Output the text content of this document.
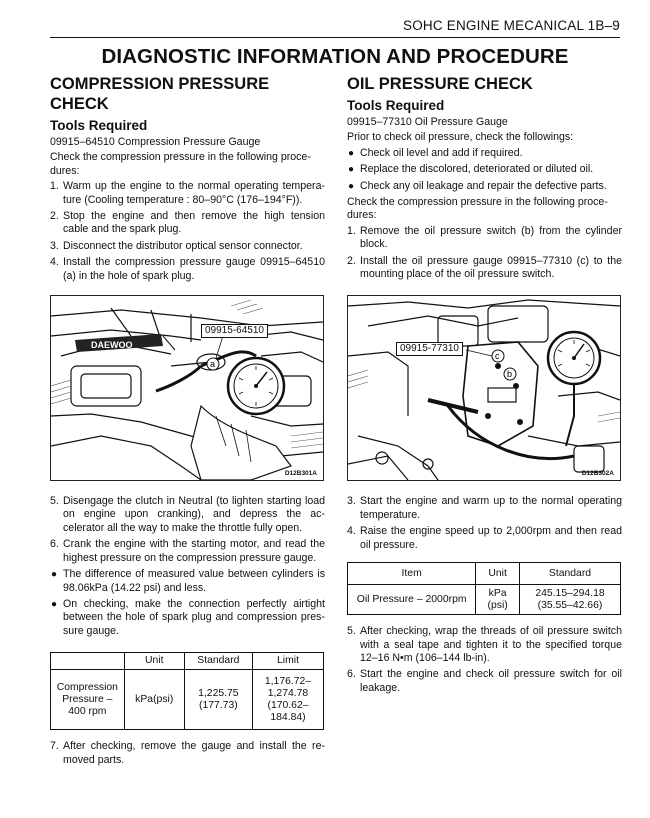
SOHC ENGINE MECANICAL 1B–9
DIAGNOSTIC INFORMATION AND PROCEDURE
COMPRESSION PRESSURE CHECK
Tools Required

09915–64510 Compression Pressure Gauge

Check the compression pressure in the following proce- dures:

1. Warm up the engine to the normal operating tempera- ture (Cooling temperature : 80–90°C (176–194°F)).
2. Stop the engine and then remove the high tension cable and the spark plug.
3. Disconnect the distributor optical sensor connector.
4. Install the compression pressure gauge 09915–64510 (a) in the hole of spark plug.
DAEWOO
a
09915-64510
D12B301A
5. Disengage the clutch in Neutral (to lighten starting load on engine upon cranking), and depress the ac- celerator all the way to make the throttle fully open.
6. Crank the engine with the starting motor, and read the highest pressure on the compression pressure gauge.
● The difference of measured value between cylinders is 98.06kPa (14.22 psi) and less.
● On checking, make the connection perfectly airtight between the hole of spark plug and compression pres- sure gauge.
	Unit	Standard	Limit
Compression Pressure – 400 rpm	kPa(psi)	1,225.75 (177.73)	1,176.72– 1,274.78 (170.62– 184.84)
7. After checking, remove the gauge and install the re- moved parts.
OIL PRESSURE CHECK
Tools Required

09915–77310 Oil Pressure Gauge

Prior to check oil pressure, check the followings:

● Check oil level and add if required.
● Replace the discolored, deteriorated or diluted oil.
● Check any oil leakage and repair the defective parts.

Check the compression pressure in the following proce- dures:

1. Remove the oil pressure switch (b) from the cylinder block.
2. Install the oil pressure gauge 09915–77310 (c) to the mounting place of the oil pressure switch.
c
b
09915-77310
D12B302A
3. Start the engine and warm up to the normal operating temperature.
4. Raise the engine speed up to 2,000rpm and then read oil pressure.
Item	Unit	Standard
Oil Pressure – 2000rpm	kPa (psi)	245.15–294.18 (35.55–42.66)
5. After checking, wrap the threads of oil pressure switch with a seal tape and tighten it to the specified torque 12–16 N•m (106–144 lb-in).
6. Start the engine and check oil pressure switch for oil leakage.
